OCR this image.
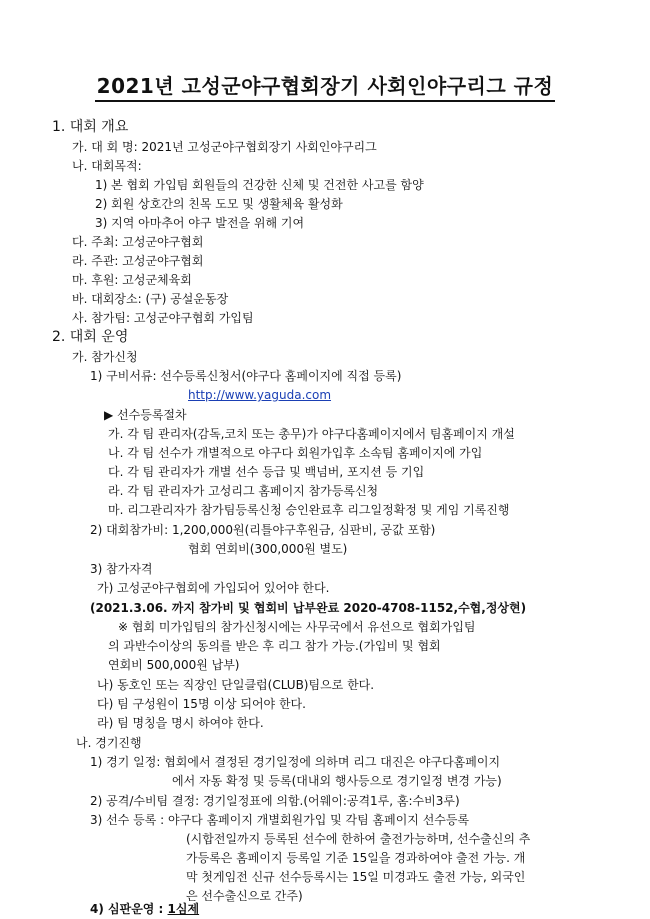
2021년 고성군야구협회장기 사회인야구리그 규정
1. 대회 개요
가. 대 회 명: 2021년 고성군야구협회장기 사회인야구리그
나. 대회목적:
1) 본 협회 가입팀 회원들의 건강한 신체 및 건전한 사고를 함양
2) 회원 상호간의 친목 도모 및 생활체육 활성화
3) 지역 아마추어 야구 발전을 위해 기여
다. 주최: 고성군야구협회
라. 주관: 고성군야구협회
마. 후원: 고성군체육회
바. 대회장소: (구) 공설운동장
사. 참가팀: 고성군야구협회 가입팀
2. 대회 운영
가. 참가신청
1) 구비서류: 선수등록신청서(야구다 홈페이지에 직접 등록)
http://www.yaguda.com
▶ 선수등록절차
가. 각 팀 관리자(감독,코치 또는 총무)가 야구다홈페이지에서 팀홈페이지 개설
나. 각 팀 선수가 개별적으로 야구다 회원가입후 소속팀 홈페이지에 가입
다. 각 팀 관리자가 개별 선수 등급 및 백넘버, 포지션 등 기입
라. 각 팀 관리자가 고성리그 홈페이지 참가등록신청
마. 리그관리자가 참가팀등록신청 승인완료후 리그일정확정 및 게임 기록진행
2) 대회참가비: 1,200,000원(리틀야구후원금, 심판비, 공값 포함)
협회 연회비(300,000원 별도)
3) 참가자격
가) 고성군야구협회에 가입되어 있어야 한다.
(2021.3.06. 까지 참가비 및 협회비 납부완료 2020-4708-1152,수협,정상현)
※ 협회 미가입팀의 참가신청시에는 사무국에서 유선으로 협회가입팀
의 과반수이상의 동의를 받은 후 리그 참가 가능.(가입비 및 협회
연회비 500,000원 납부)
나) 동호인 또는 직장인 단일클럽(CLUB)팀으로 한다.
다) 팀 구성원이 15명 이상 되어야 한다.
라) 팀 명칭을 명시 하여야 한다.
나. 경기진행
1) 경기 일정: 협회에서 결정된 경기일정에 의하며 리그 대진은 야구다홈페이지
에서 자동 확정 및 등록(대내외 행사등으로 경기일정 변경 가능)
2) 공격/수비팀 결정: 경기일정표에 의함.(어웨이:공격1루, 홈:수비3루)
3) 선수 등록 : 야구다 홈페이지 개별회원가입 및 각팀 홈페이지 선수등록
(시합전일까지 등록된 선수에 한하여 출전가능하며, 선수출신의 추
가등록은 홈페이지 등록일 기준 15일을 경과하여야 출전 가능. 개
막 첫게임전 신규 선수등록시는 15일 미경과도 출전 가능, 외국인
은 선수출신으로 간주)
4) 심판운영 : 1심제
